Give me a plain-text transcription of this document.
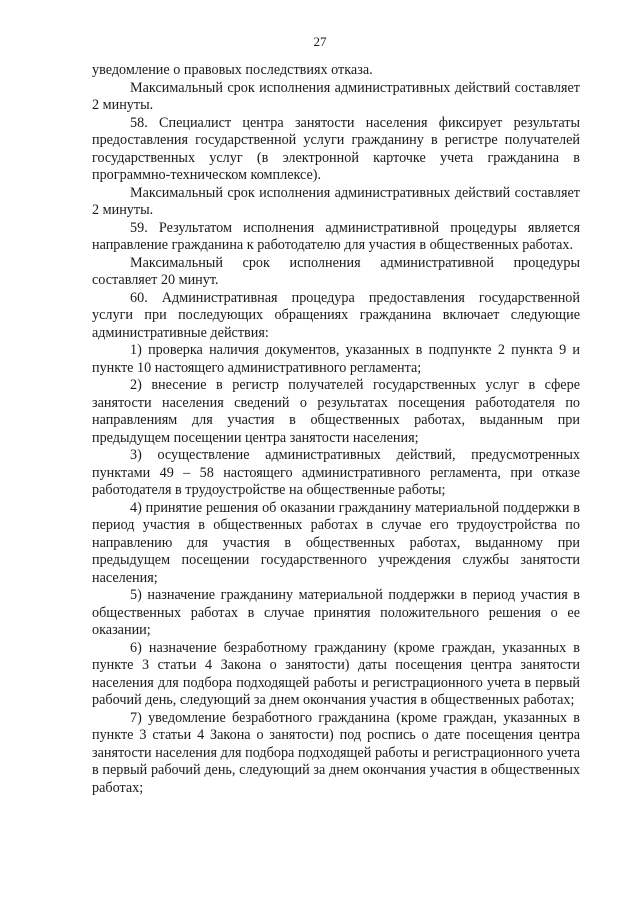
27

уведомление о правовых последствиях отказа.

Максимальный срок исполнения административных действий составляет 2 минуты.

58. Специалист центра занятости населения фиксирует результаты предоставления государственной услуги гражданину в регистре получателей государственных услуг (в электронной карточке учета гражданина в программно-техническом комплексе).

Максимальный срок исполнения административных действий составляет 2 минуты.

59. Результатом исполнения административной процедуры является направление гражданина к работодателю для участия в общественных работах.

Максимальный срок исполнения административной процедуры составляет 20 минут.

60. Административная процедура предоставления государственной услуги при последующих обращениях гражданина включает следующие административные действия:

1) проверка наличия документов, указанных в подпункте 2 пункта 9 и пункте 10 настоящего административного регламента;

2) внесение в регистр получателей государственных услуг в сфере занятости населения сведений о результатах посещения работодателя по направлениям для участия в общественных работах, выданным при предыдущем посещении центра занятости населения;

3) осуществление административных действий, предусмотренных пунктами 49 – 58 настоящего административного регламента, при отказе работодателя в трудоустройстве на общественные работы;

4) принятие решения об оказании гражданину материальной поддержки в период участия в общественных работах в случае его трудоустройства по направлению для участия в общественных работах, выданному при предыдущем посещении государственного учреждения службы занятости населения;

5) назначение гражданину материальной поддержки в период участия в общественных работах в случае принятия положительного решения о ее оказании;

6) назначение безработному гражданину (кроме граждан, указанных в пункте 3 статьи 4 Закона о занятости) даты посещения центра занятости населения для подбора подходящей работы и регистрационного учета в первый рабочий день, следующий за днем окончания участия в общественных работах;

7) уведомление безработного гражданина (кроме граждан, указанных в пункте 3 статьи 4 Закона о занятости) под роспись о дате посещения центра занятости населения для подбора подходящей работы и регистрационного учета в первый рабочий день, следующий за днем окончания участия в общественных работах;
